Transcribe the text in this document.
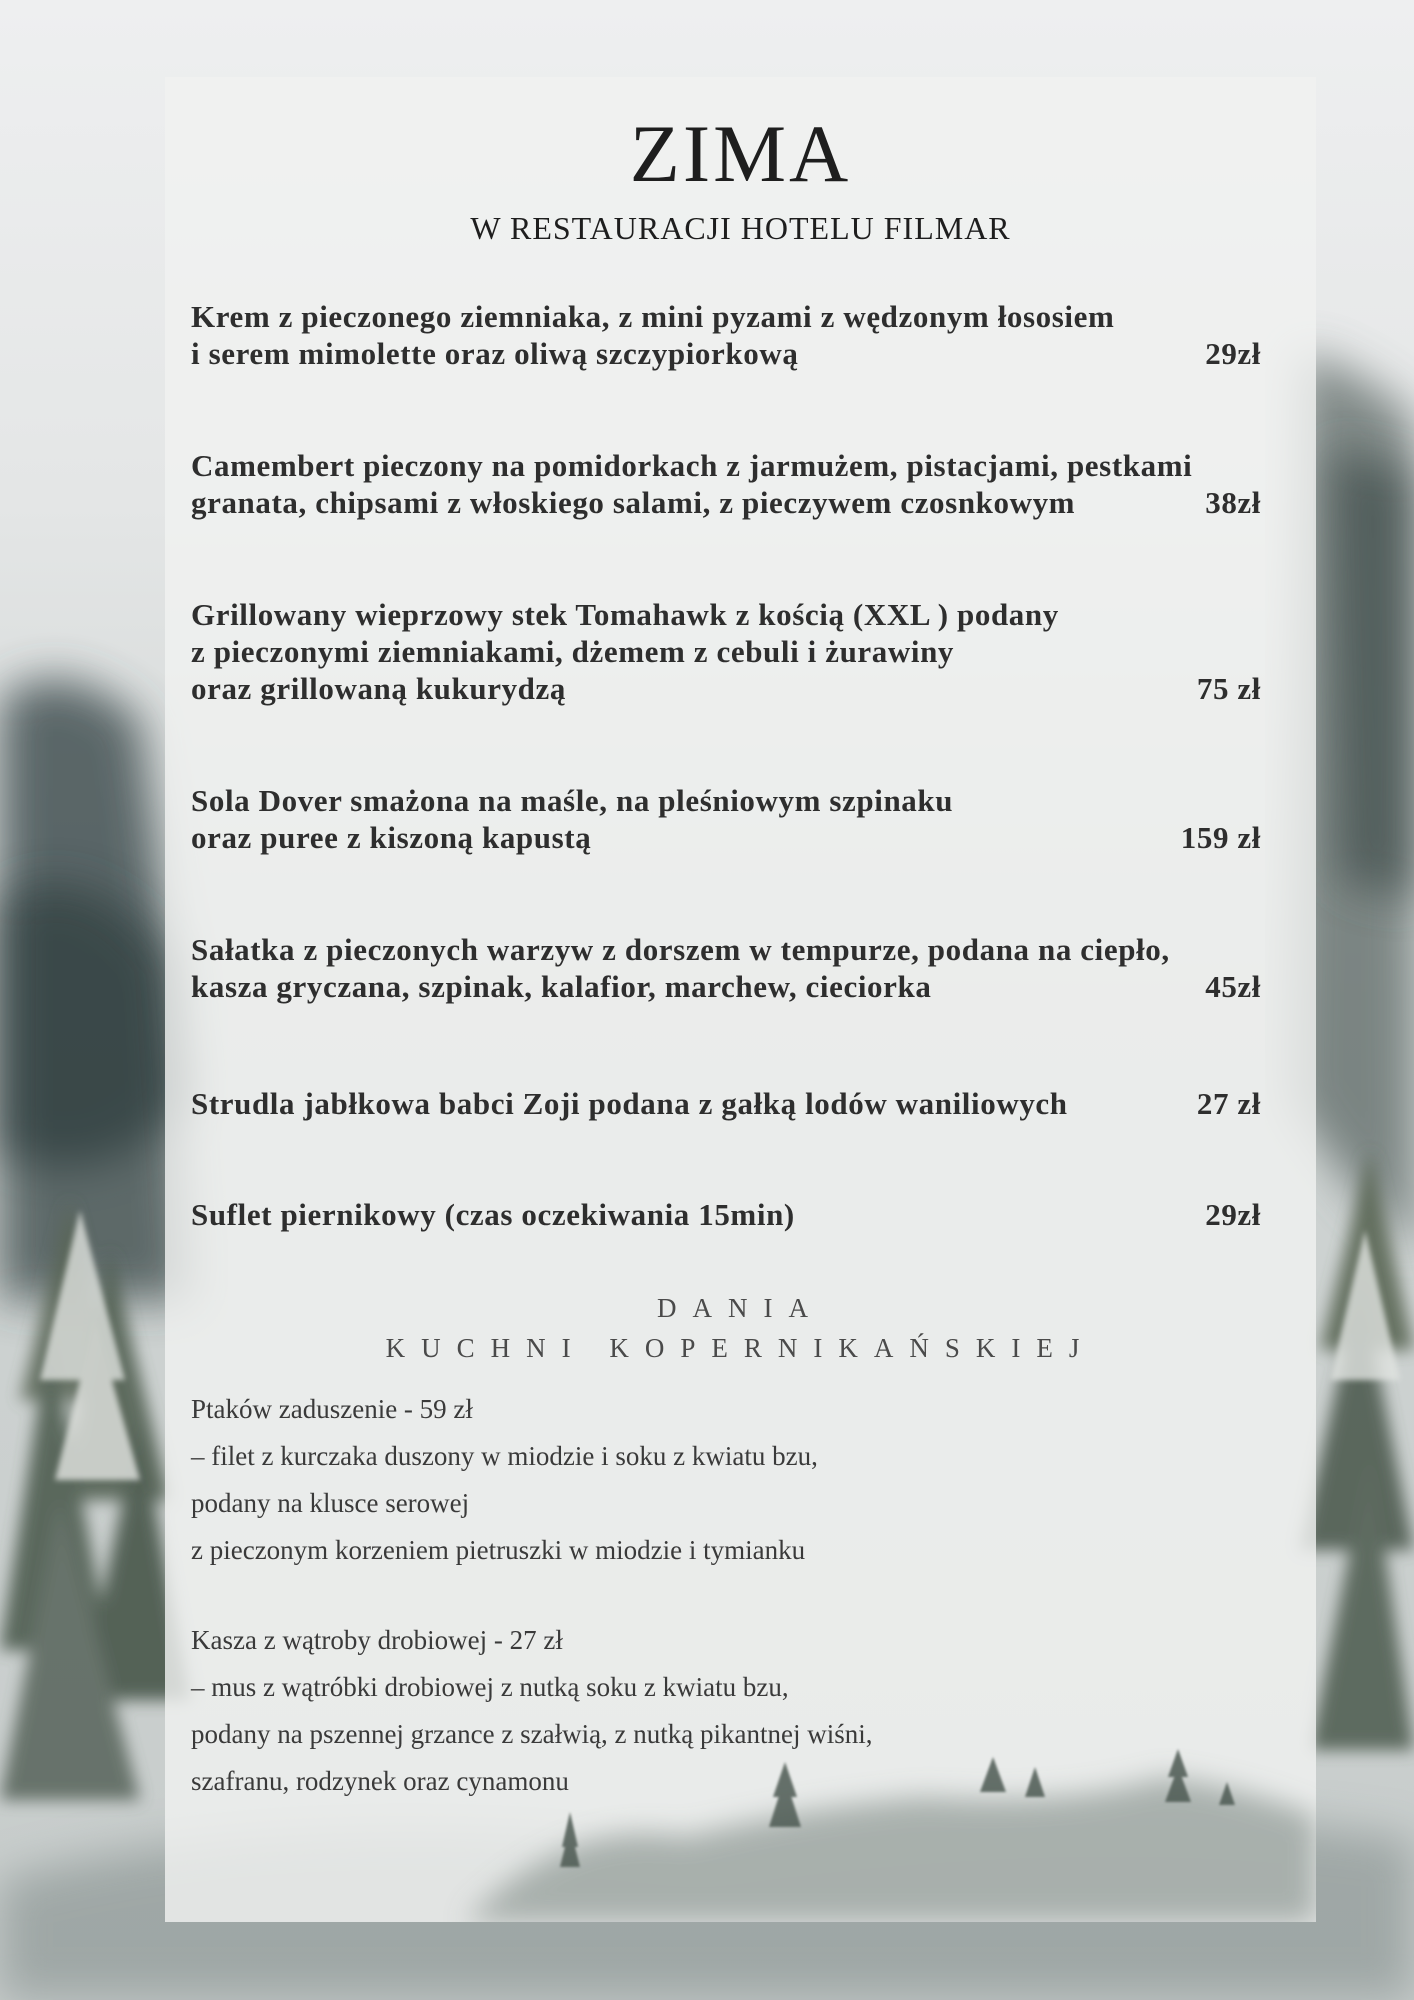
ZIMA
W RESTAURACJI HOTELU FILMAR
Krem z pieczonego ziemniaka, z mini pyzami z wędzonym łososiem
i serem mimolette oraz oliwą szczypiorkową	29zł
Camembert pieczony na pomidorkach z jarmużem, pistacjami, pestkami
granata, chipsami z włoskiego salami, z pieczywem czosnkowym	38zł
Grillowany wieprzowy stek Tomahawk z kością (XXL ) podany
z pieczonymi ziemniakami, dżemem z cebuli i żurawiny
oraz grillowaną kukurydzą	75 zł
Sola Dover smażona na maśle, na pleśniowym szpinaku
oraz puree z kiszoną kapustą	159 zł
Sałatka z pieczonych warzyw z dorszem w tempurze, podana na ciepło,
kasza gryczana, szpinak, kalafior, marchew, cieciorka	45zł
Strudla jabłkowa babci Zoji podana z gałką lodów waniliowych	27 zł
Suflet piernikowy (czas oczekiwania 15min)	29zł
DANIA
KUCHNI KOPERNIKAŃSKIEJ
Ptaków zaduszenie - 59 zł
– filet z kurczaka duszony w miodzie i soku z kwiatu bzu,
podany na klusce serowej
z pieczonym korzeniem pietruszki w miodzie i tymianku
Kasza z wątroby drobiowej - 27 zł
– mus z wątróbki drobiowej z nutką soku z kwiatu bzu,
podany na pszennej grzance z szałwią, z nutką pikantnej wiśni,
szafranu, rodzynek oraz cynamonu
